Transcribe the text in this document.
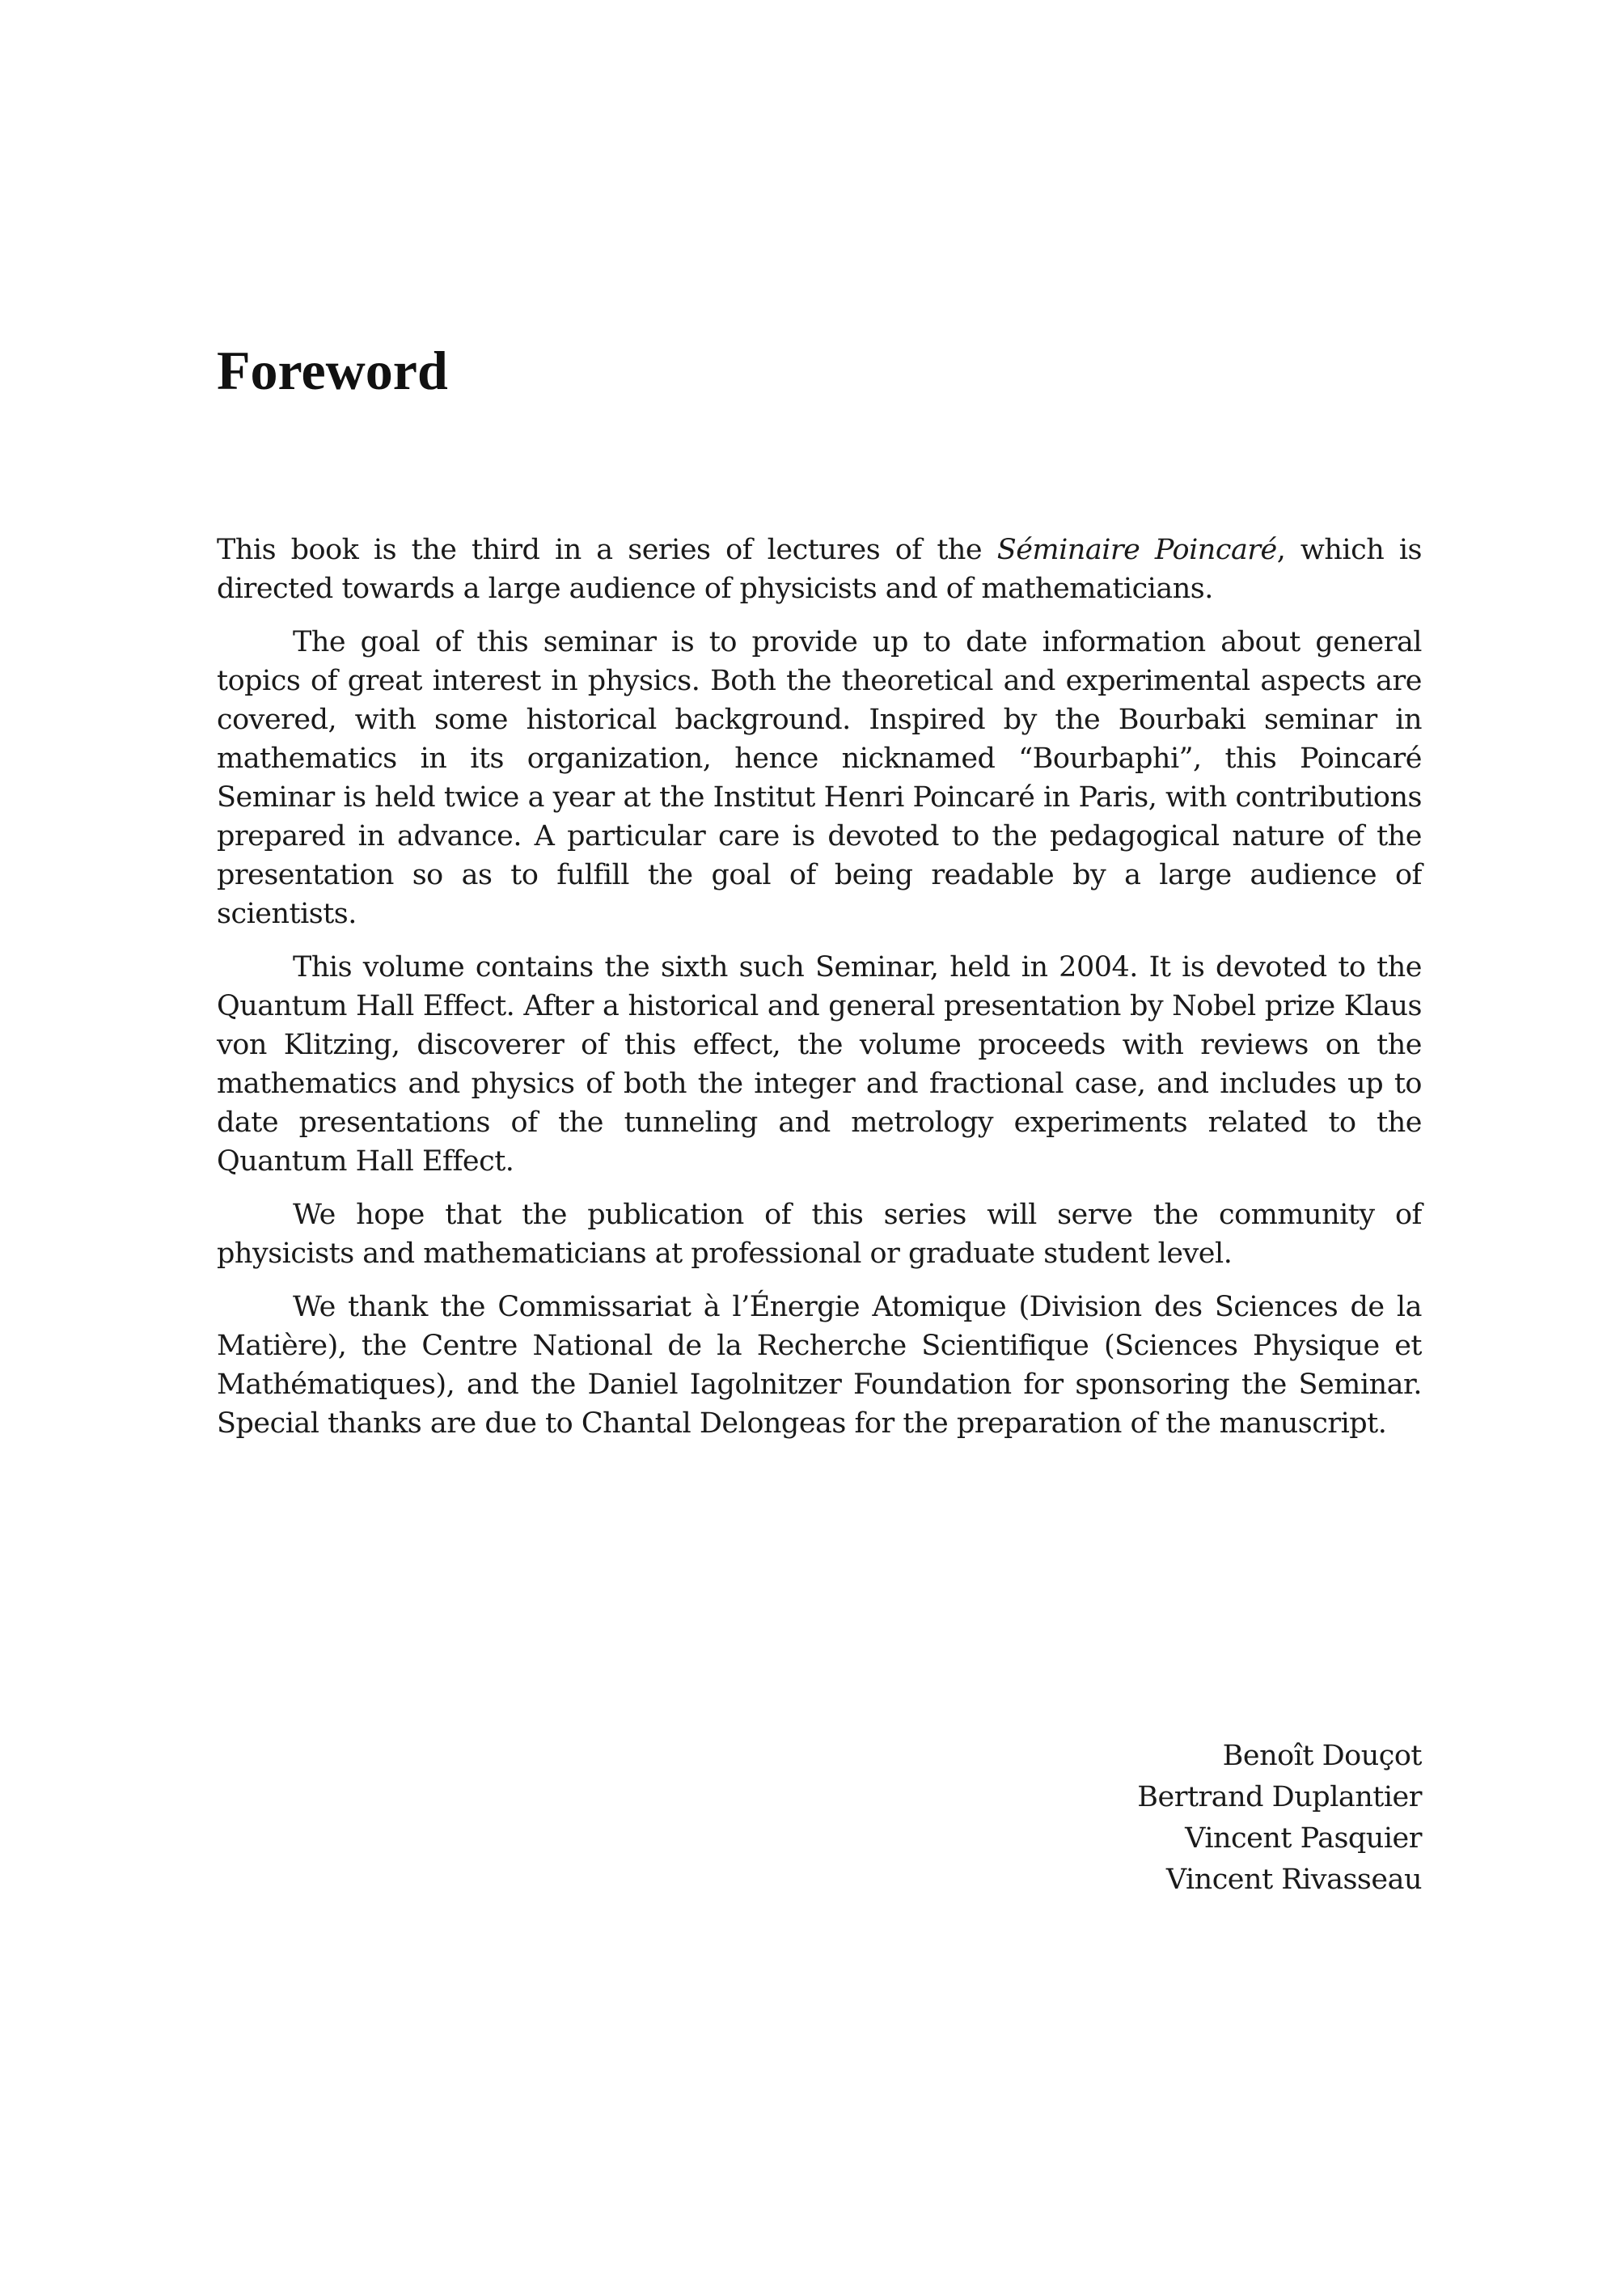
Foreword

This book is the third in a series of lectures of the Séminaire Poincaré, which is directed towards a large audience of physicists and of mathematicians.

The goal of this seminar is to provide up to date information about general topics of great interest in physics. Both the theoretical and experimental aspects are covered, with some historical background. Inspired by the Bourbaki seminar in mathematics in its organization, hence nicknamed “Bourbaphi”, this Poincaré Seminar is held twice a year at the Institut Henri Poincaré in Paris, with contributions prepared in advance. A particular care is devoted to the pedagogical nature of the presentation so as to fulfill the goal of being readable by a large audience of scientists.

This volume contains the sixth such Seminar, held in 2004. It is devoted to the Quantum Hall Effect. After a historical and general presentation by Nobel prize Klaus von Klitzing, discoverer of this effect, the volume proceeds with reviews on the mathematics and physics of both the integer and fractional case, and includes up to date presentations of the tunneling and metrology experiments related to the Quantum Hall Effect.

We hope that the publication of this series will serve the community of physicists and mathematicians at professional or graduate student level.

We thank the Commissariat à l’Énergie Atomique (Division des Sciences de la Matière), the Centre National de la Recherche Scientifique (Sciences Physique et Mathématiques), and the Daniel Iagolnitzer Foundation for sponsoring the Seminar. Special thanks are due to Chantal Delongeas for the preparation of the manuscript.

Benoît Douçot
Bertrand Duplantier
Vincent Pasquier
Vincent Rivasseau
